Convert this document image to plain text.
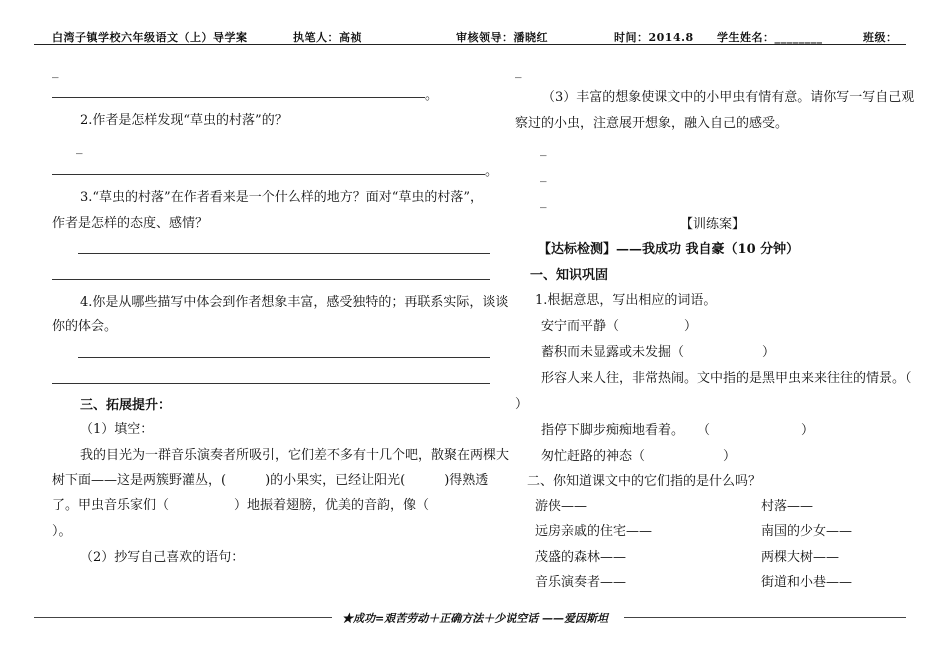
白湾子镇学校六年级语文（上）导学案	执笔人：高祯	审核领导：潘晓红	时间：2014.8 学生姓名：________	班级：
_
。
2.作者是怎样发现“草虫的村落”的？
_
。
3.“草虫的村落”在作者看来是一个什么样的地方？面对“草虫的村落”，
作者是怎样的态度、感情？
4.你是从哪些描写中体会到作者想象丰富，感受独特的；再联系实际，谈谈
你的体会。
三、拓展提升：
（1）填空：
我的目光为一群音乐演奏者所吸引，它们差不多有十几个吧，散聚在两棵大
树下面——这是两簇野灌丛，(　　　)的小果实，已经让阳光(　　　)得熟透
了。甲虫音乐家们（　　　　　）地振着翅膀，优美的音韵，像（　　　　
）。
（2）抄写自己喜欢的语句：
_
（3）丰富的想象使课文中的小甲虫有情有意。请你写一写自己观
察过的小虫，注意展开想象，融入自己的感受。
_
_
_
【训练案】
【达标检测】——我成功 我自豪（10 分钟）
一、知识巩固
1.根据意思，写出相应的词语。
安宁而平静（　　　　　）
蓄积而未显露或未发掘（　　　　　　）
形容人来人往，非常热闹。文中指的是黑甲虫来来往往的情景。（
）
指停下脚步痴痴地看着。　　（　　　　　　　）
匆忙赶路的神态（　　　　　　）
二、你知道课文中的它们指的是什么吗？
游侠——	村落——
远房亲戚的住宅——	南国的少女——
茂盛的森林——	两棵大树——
音乐演奏者——	街道和小巷——
★成功=艰苦劳动＋正确方法＋少说空话 ——爱因斯坦
